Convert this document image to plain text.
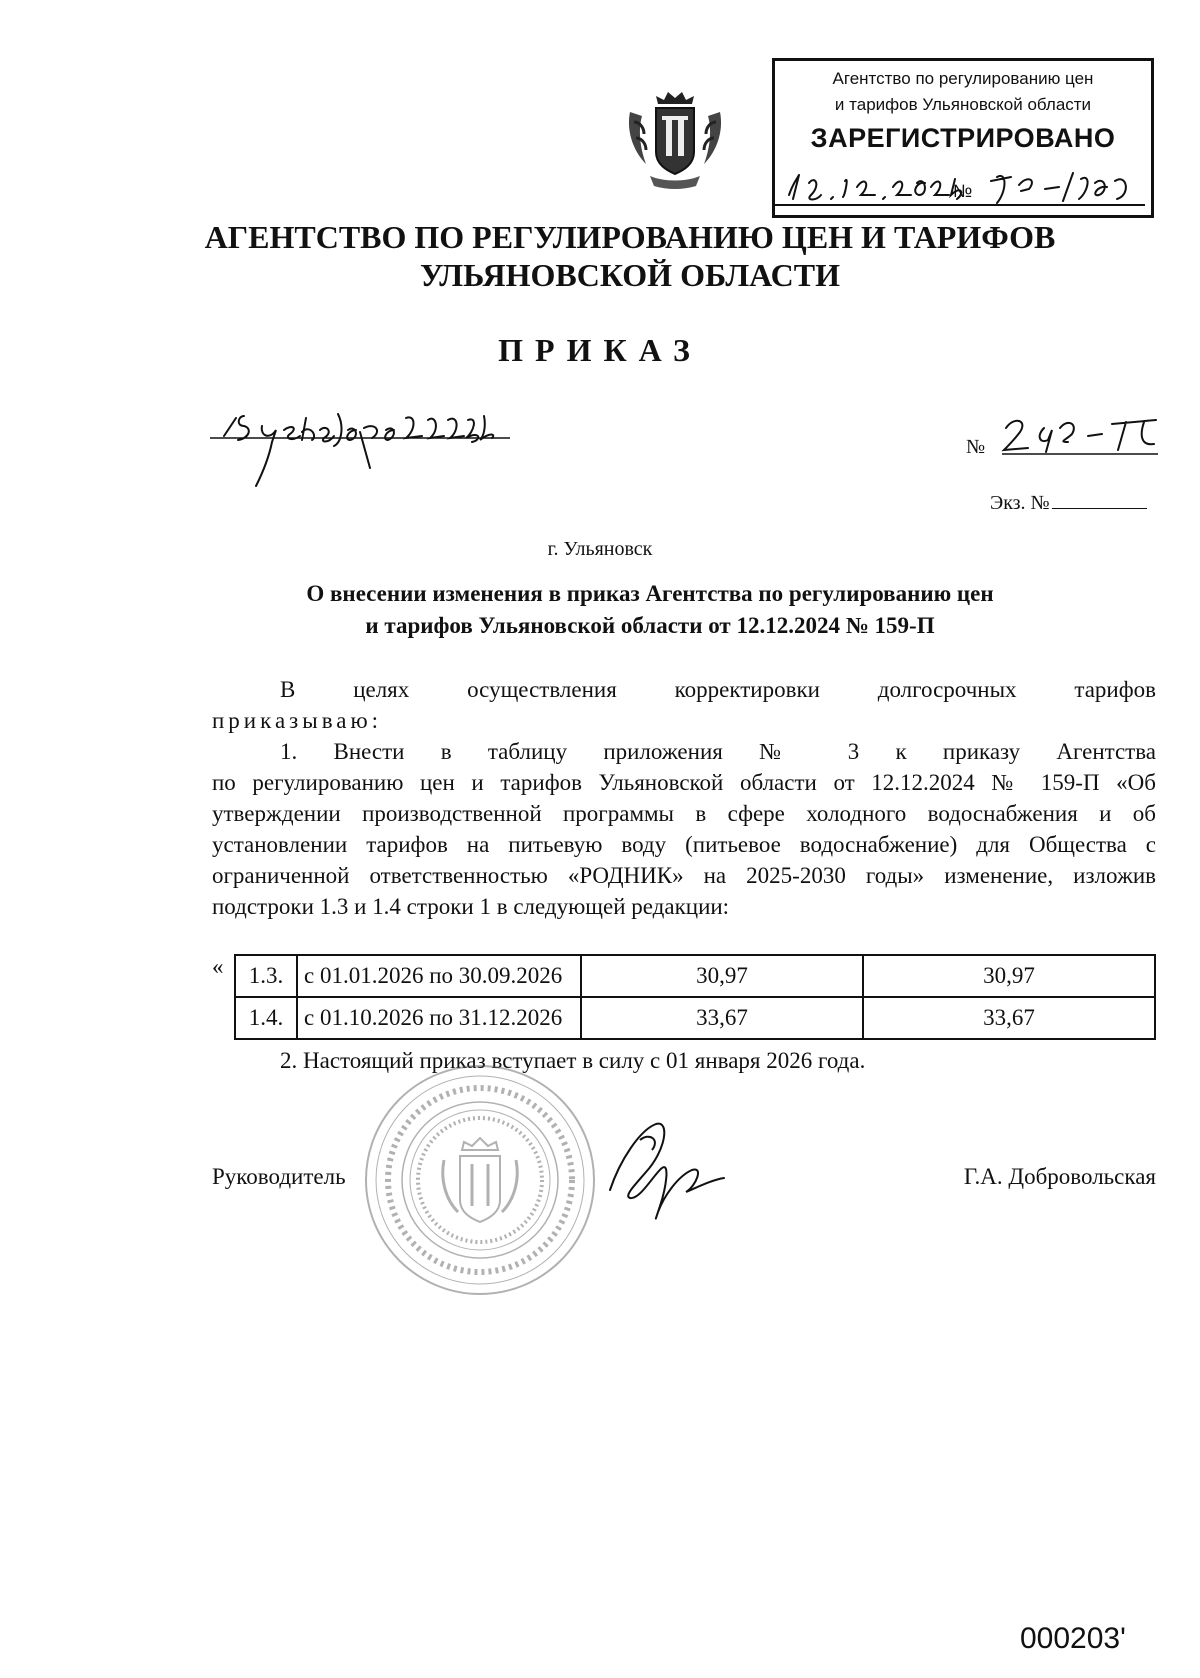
Агентство по регулированию цен
и тарифов Ульяновской области
ЗАРЕГИСТРИРОВАНО
№
АГЕНТСТВО ПО РЕГУЛИРОВАНИЮ ЦЕН И ТАРИФОВ
УЛЬЯНОВСКОЙ ОБЛАСТИ
ПРИКАЗ
№
Экз. №
г. Ульяновск
О внесении изменения в приказ Агентства по регулированию цен
и тарифов Ульяновской области от 12.12.2024 № 159-П
В целях осуществления корректировки долгосрочных тарифов
приказываю:
1. Внести в таблицу приложения № 3 к приказу Агентства
по регулированию цен и тарифов Ульяновской области от 12.12.2024 № 159-П «Об утверждении производственной программы в сфере холодного водоснабжения и об установлении тарифов на питьевую воду (питьевое водоснабжение) для Общества с ограниченной ответственностью «РОДНИК» на 2025-2030 годы» изменение, изложив подстроки 1.3 и 1.4 строки 1 в следующей редакции:
« 1.3.	с 01.01.2026 по 30.09.2026	30,97	30,97
1.4.	с 01.10.2026 по 31.12.2026	33,67	33,67
2. Настоящий приказ вступает в силу с 01 января 2026 года.
Руководитель	Г.А. Добровольская
000203'
